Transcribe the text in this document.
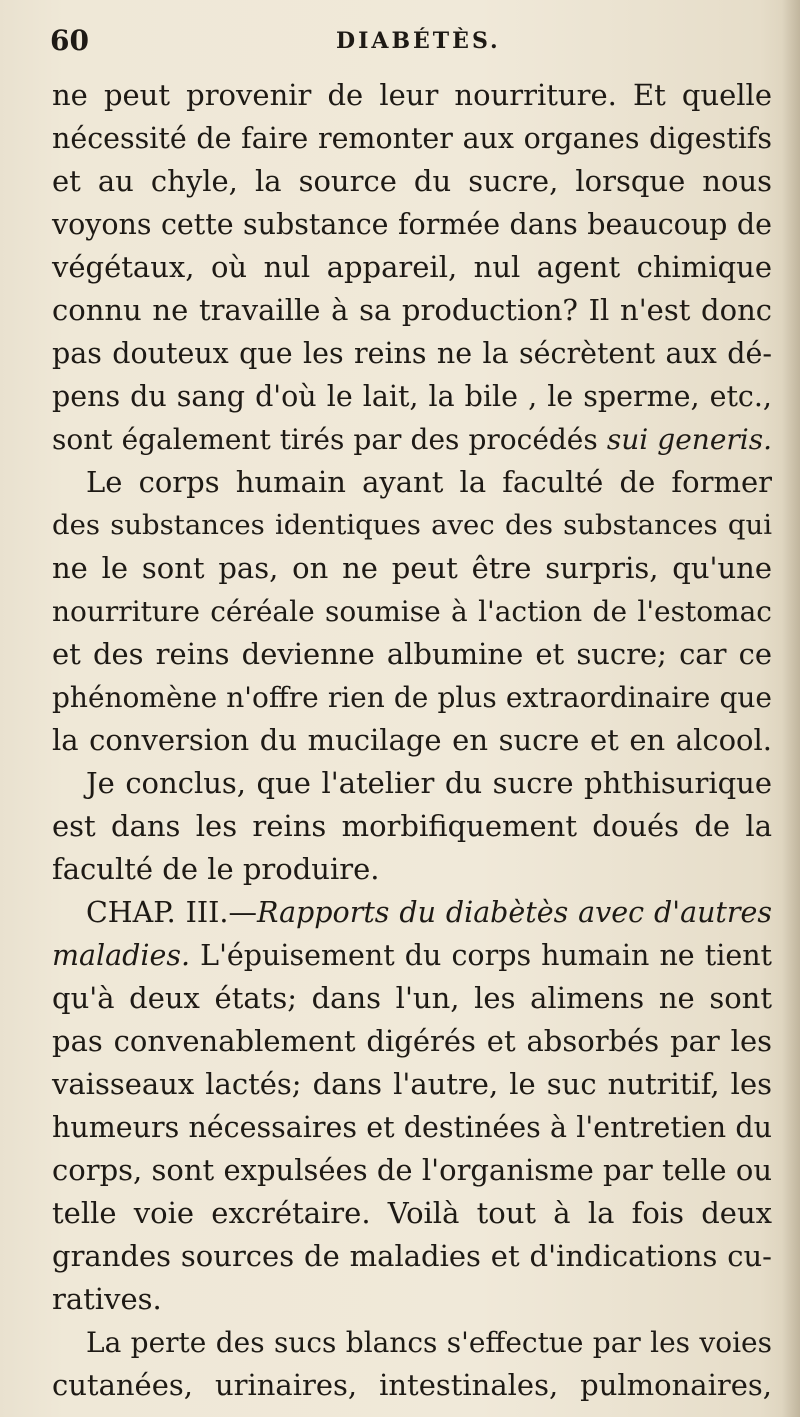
60	DIABÉTÈS.
ne peut provenir de leur nourriture. Et quelle
nécessité de faire remonter aux organes digestifs
et au chyle, la source du sucre, lorsque nous
voyons cette substance formée dans beaucoup de
végétaux, où nul appareil, nul agent chimique
connu ne travaille à sa production? Il n'est donc
pas douteux que les reins ne la sécrètent aux dé-
pens du sang d'où le lait, la bile , le sperme, etc.,
sont également tirés par des procédés sui generis.
Le corps humain ayant la faculté de former
des substances identiques avec des substances qui
ne le sont pas, on ne peut être surpris, qu'une
nourriture céréale soumise à l'action de l'estomac
et des reins devienne albumine et sucre; car ce
phénomène n'offre rien de plus extraordinaire que
la conversion du mucilage en sucre et en alcool.
Je conclus, que l'atelier du sucre phthisurique
est dans les reins morbifiquement doués de la
faculté de le produire.
CHAP. III.—Rapports du diabètès avec d'autres
maladies. L'épuisement du corps humain ne tient
qu'à deux états; dans l'un, les alimens ne sont
pas convenablement digérés et absorbés par les
vaisseaux lactés; dans l'autre, le suc nutritif, les
humeurs nécessaires et destinées à l'entretien du
corps, sont expulsées de l'organisme par telle ou
telle voie excrétaire. Voilà tout à la fois deux
grandes sources de maladies et d'indications cu-
ratives.
La perte des sucs blancs s'effectue par les voies
cutanées, urinaires, intestinales, pulmonaires,
